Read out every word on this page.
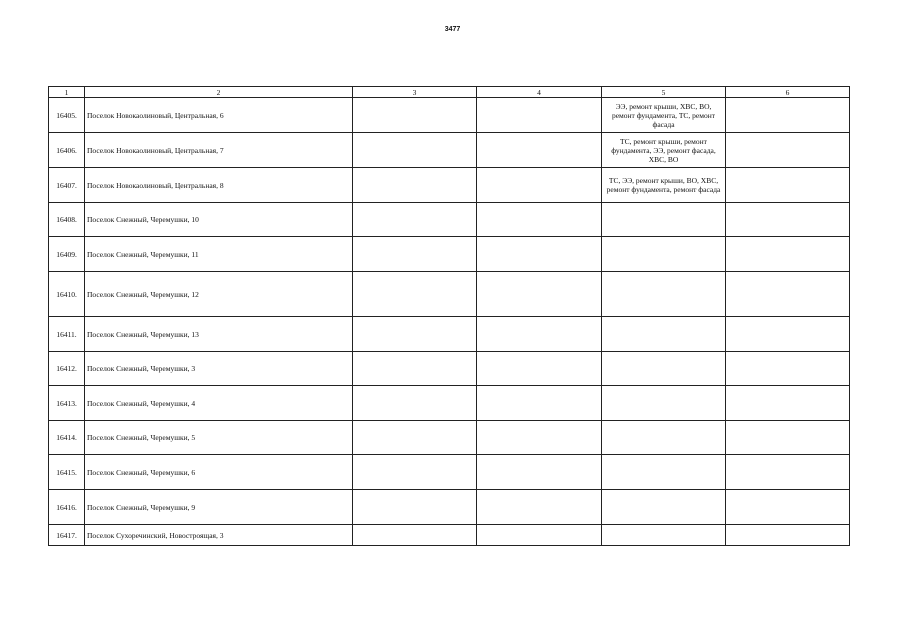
3477
1	2	3	4	5	6
16405.	Поселок Новокаолиновый, Центральная, 6			ЭЭ, ремонт крыши, ХВС, ВО, ремонт фундамента, ТС, ремонт фасада	
16406.	Поселок Новокаолиновый, Центральная, 7			ТС, ремонт крыши, ремонт фундамента, ЭЭ, ремонт фасада, ХВС, ВО	
16407.	Поселок Новокаолиновый, Центральная, 8			ТС, ЭЭ, ремонт крыши, ВО, ХВС, ремонт фундамента, ремонт фасада	
16408.	Поселок Снежный, Черемушки, 10				
16409.	Поселок Снежный, Черемушки, 11				
16410.	Поселок Снежный, Черемушки, 12				
16411.	Поселок Снежный, Черемушки, 13				
16412.	Поселок Снежный, Черемушки, 3				
16413.	Поселок Снежный, Черемушки, 4				
16414.	Поселок Снежный, Черемушки, 5				
16415.	Поселок Снежный, Черемушки, 6				
16416.	Поселок Снежный, Черемушки, 9				
16417.	Поселок Сухоречинский, Новостроящая, 3				
